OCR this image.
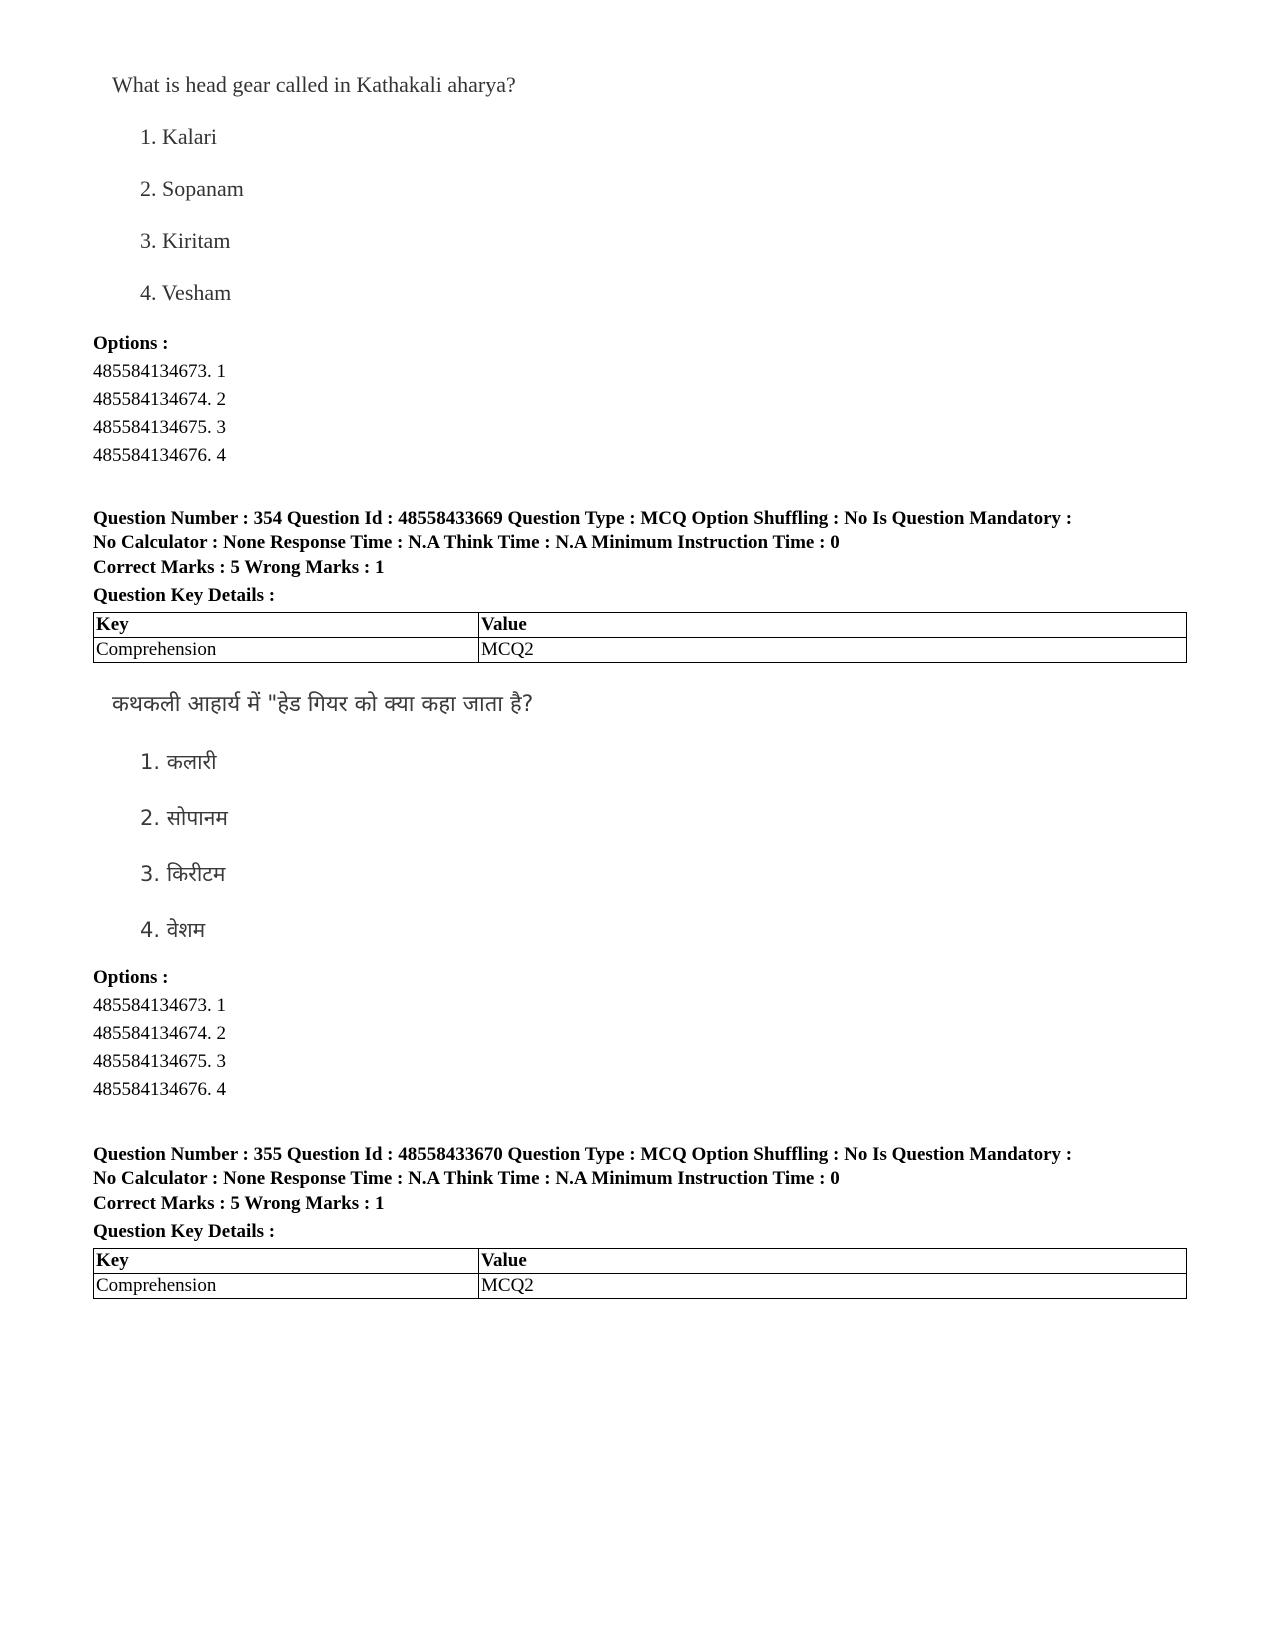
What is head gear called in Kathakali aharya?
1. Kalari
2. Sopanam
3. Kiritam
4. Vesham
Options :
485584134673. 1
485584134674. 2
485584134675. 3
485584134676. 4
Question Number : 354 Question Id : 48558433669 Question Type : MCQ Option Shuffling : No Is Question Mandatory :
No Calculator : None Response Time : N.A Think Time : N.A Minimum Instruction Time : 0
Correct Marks : 5 Wrong Marks : 1
Question Key Details :
Key	Value
Comprehension	MCQ2
कथकली आहार्य में "हेड गियर को क्या कहा जाता है?
1. कलारी
2. सोपानम
3. किरीटम
4. वेशम
Options :
485584134673. 1
485584134674. 2
485584134675. 3
485584134676. 4
Question Number : 355 Question Id : 48558433670 Question Type : MCQ Option Shuffling : No Is Question Mandatory :
No Calculator : None Response Time : N.A Think Time : N.A Minimum Instruction Time : 0
Correct Marks : 5 Wrong Marks : 1
Question Key Details :
Key	Value
Comprehension	MCQ2
